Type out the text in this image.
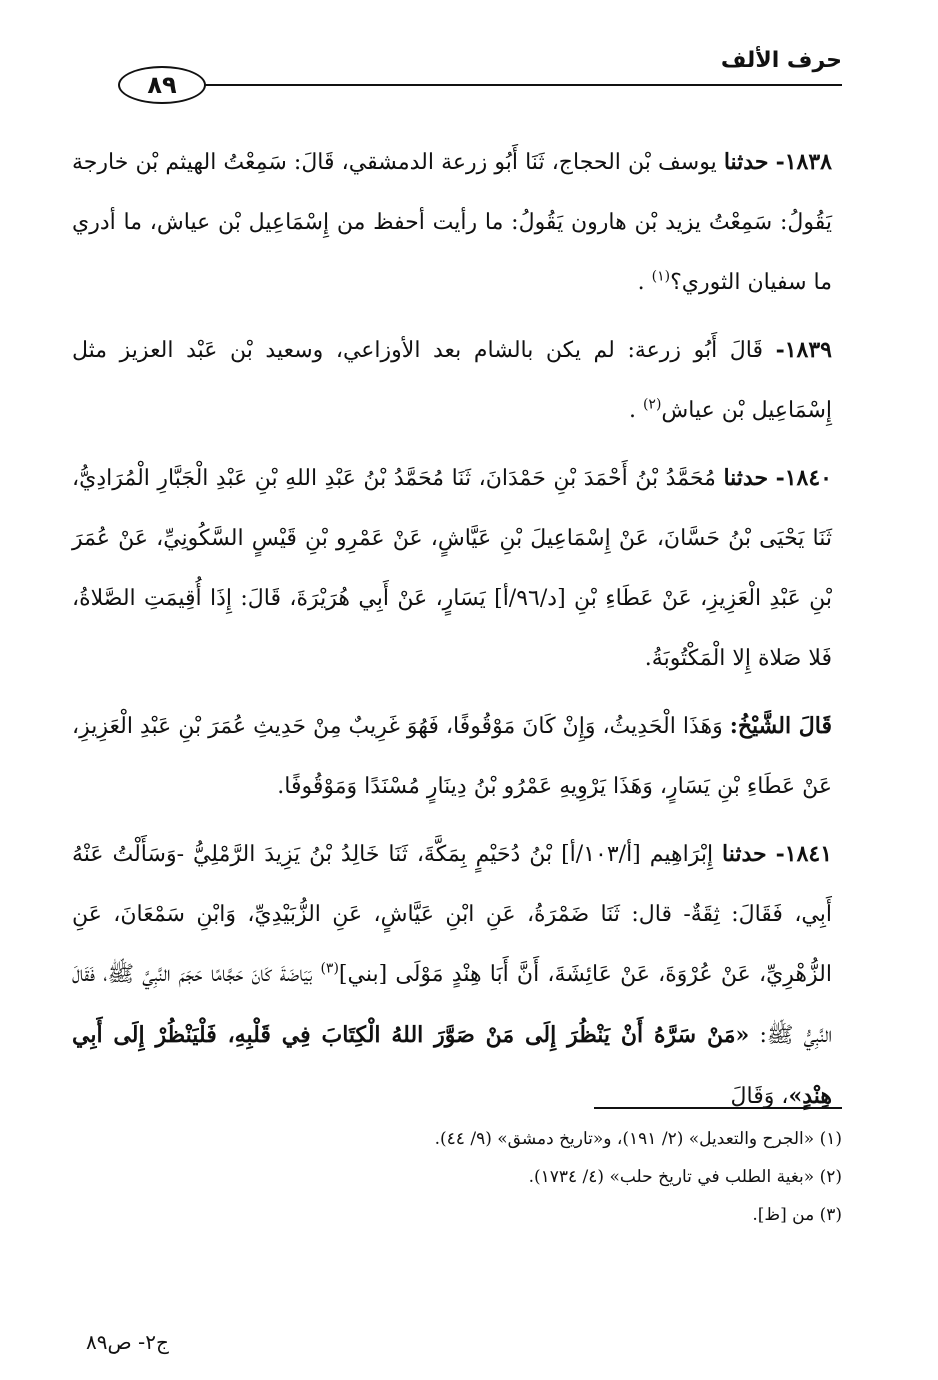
حرف الألف
٨٩

١٨٣٨- حدثنا يوسف بْن الحجاج، ثَنَا أَبُو زرعة الدمشقي، قَالَ: سَمِعْتُ الهيثم بْن خارجة يَقُولُ: سَمِعْتُ يزيد بْن هارون يَقُولُ: ما رأيت أحفظ من إِسْمَاعِيل بْن عياش، ما أدري ما سفيان الثوري؟$^{(١)}$ .

١٨٣٩- قَالَ أَبُو زرعة: لم يكن بالشام بعد الأوزاعي، وسعيد بْن عَبْد العزيز مثل إِسْمَاعِيل بْن عياش$^{(٢)}$ .

١٨٤٠- حدثنا مُحَمَّدُ بْنُ أَحْمَدَ بْنِ حَمْدَانَ، ثَنَا مُحَمَّدُ بْنُ عَبْدِ اللهِ بْنِ عَبْدِ الْجَبَّارِ الْمُرَادِيُّ، ثَنَا يَحْيَى بْنُ حَسَّانَ، عَنْ إِسْمَاعِيلَ بْنِ عَيَّاشٍ، عَنْ عَمْرِو بْنِ قَيْسٍ السَّكُونِيِّ، عَنْ عُمَرَ بْنِ عَبْدِ الْعَزِيزِ، عَنْ عَطَاءِ بْنِ [د/٩٦/أ] يَسَارٍ، عَنْ أَبِي هُرَيْرَةَ، قَالَ: إِذَا أُقِيمَتِ الصَّلاةُ، فَلا صَلاة إِلا الْمَكْتُوبَةُ.

قَالَ الشَّيْخُ: وَهَذَا الْحَدِيثُ، وَإِنْ كَانَ مَوْقُوفًا، فَهُوَ غَرِيبٌ مِنْ حَدِيثِ عُمَرَ بْنِ عَبْدِ الْعَزِيزِ، عَنْ عَطَاءِ بْنِ يَسَارٍ، وَهَذَا يَرْوِيهِ عَمْرُو بْنُ دِينَارٍ مُسْنَدًا وَمَوْقُوفًا.

١٨٤١- حدثنا إِبْرَاهِيم [أ/١٠٣/أ] بْنُ دُحَيْمٍ بِمَكَّةَ، ثَنَا خَالِدُ بْنُ يَزِيدَ الرَّمْلِيُّ -وَسَأَلْتُ عَنْهُ أَبِي، فَقَالَ: ثِقَةٌ- قال: ثَنَا ضَمْرَةُ، عَنِ ابْنِ عَيَّاشٍ، عَنِ الزُّبَيْدِيِّ، وَابْنِ سَمْعَانَ، عَنِ الزُّهْرِيِّ، عَنْ عُرْوَةَ، عَنْ عَائِشَةَ، أَنَّ أَبَا هِنْدٍ مَوْلَى [بني]$^{(٣)}$ بَيَاضَةَ كَانَ حَجَّامًا حَجَمَ النَّبِيَّ ﷺ، فَقَالَ النَّبِيُّ ﷺ: «مَنْ سَرَّهُ أَنْ يَنْظُرَ إِلَى مَنْ صَوَّرَ اللهُ الْكِتَابَ فِي قَلْبِهِ، فَلْيَنْظُرْ إِلَى أَبِي هِنْدٍ»، وَقَالَ

(١) «الجرح والتعديل» (٢/ ١٩١)، و«تاريخ دمشق» (٩/ ٤٤).

(٢) «بغية الطلب في تاريخ حلب» (٤/ ١٧٣٤).

(٣) من [ظ].

ج٢- ص٨٩
